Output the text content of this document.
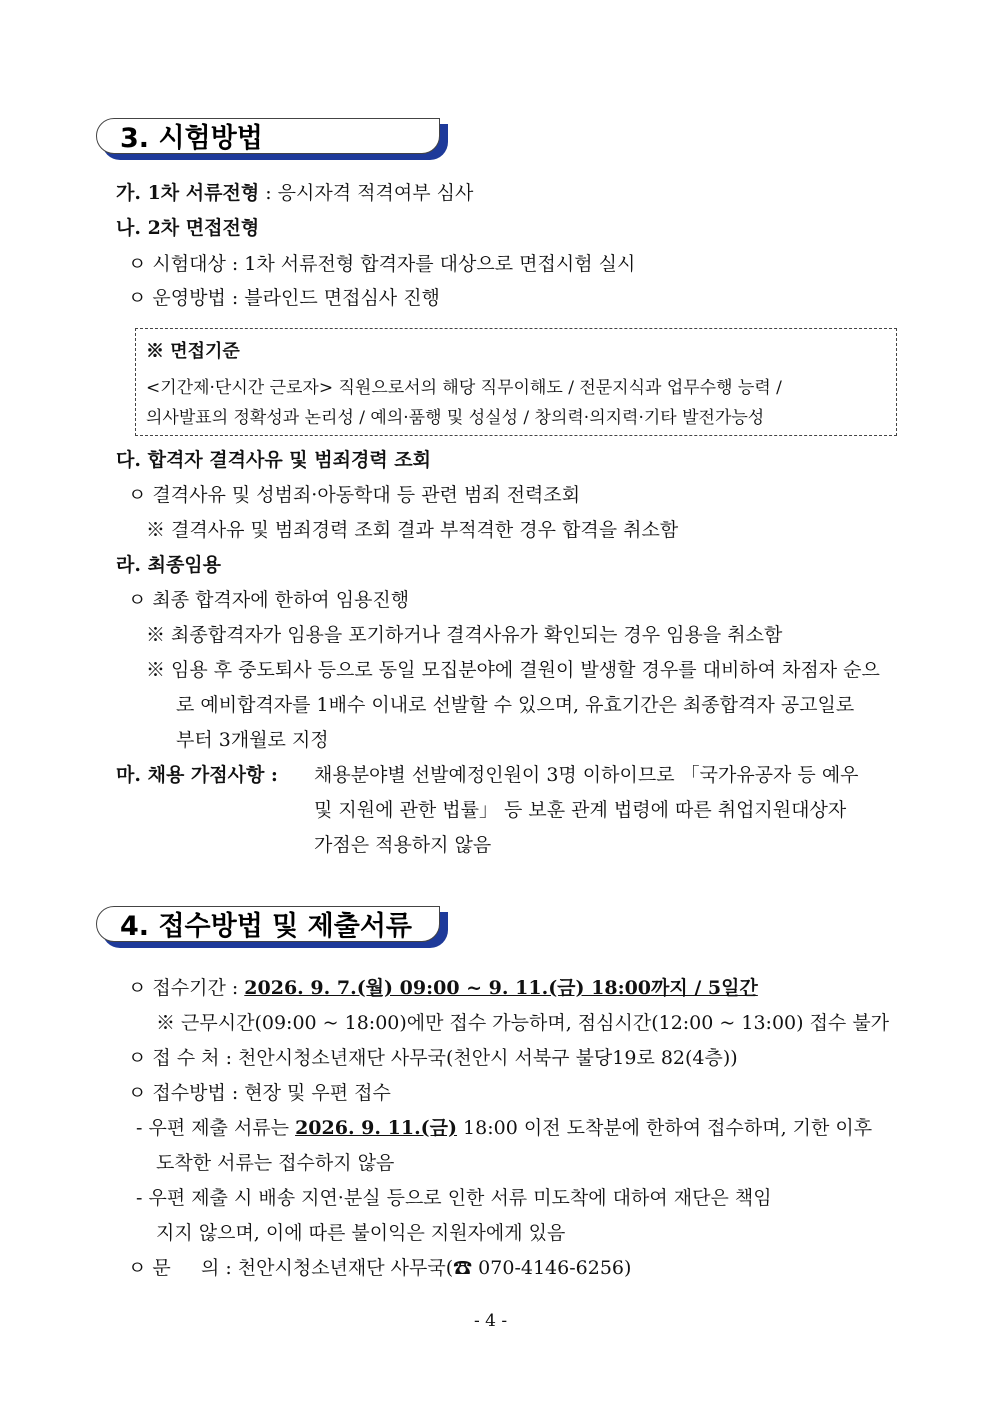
3. 시험방법
가. 1차 서류전형 : 응시자격 적격여부 심사
나. 2차 면접전형
ㅇ 시험대상 : 1차 서류전형 합격자를 대상으로 면접시험 실시
ㅇ 운영방법 : 블라인드 면접심사 진행
※ 면접기준
<기간제·단시간 근로자> 직원으로서의 해당 직무이해도 / 전문지식과 업무수행 능력 /
의사발표의 정확성과 논리성 / 예의·품행 및 성실성 / 창의력·의지력·기타 발전가능성
다. 합격자 결격사유 및 범죄경력 조회
ㅇ 결격사유 및 성범죄·아동학대 등 관련 범죄 전력조회
※ 결격사유 및 범죄경력 조회 결과 부적격한 경우 합격을 취소함
라. 최종임용
ㅇ 최종 합격자에 한하여 임용진행
※ 최종합격자가 임용을 포기하거나 결격사유가 확인되는 경우 임용을 취소함
※ 임용 후 중도퇴사 등으로 동일 모집분야에 결원이 발생할 경우를 대비하여 차점자 순으
로 예비합격자를 1배수 이내로 선발할 수 있으며, 유효기간은 최종합격자 공고일로
부터 3개월로 지정
마. 채용 가점사항 : 채용분야별 선발예정인원이 3명 이하이므로 「국가유공자 등 예우
및 지원에 관한 법률」 등 보훈 관계 법령에 따른 취업지원대상자
가점은 적용하지 않음
4. 접수방법 및 제출서류
ㅇ 접수기간 : 2026. 9. 7.(월) 09:00 ~ 9. 11.(금) 18:00까지 / 5일간
※ 근무시간(09:00 ~ 18:00)에만 접수 가능하며, 점심시간(12:00 ~ 13:00) 접수 불가
ㅇ 접 수 처 : 천안시청소년재단 사무국(천안시 서북구 불당19로 82(4층))
ㅇ 접수방법 : 현장 및 우편 접수
- 우편 제출 서류는 2026. 9. 11.(금) 18:00 이전 도착분에 한하여 접수하며, 기한 이후
도착한 서류는 접수하지 않음
- 우편 제출 시 배송 지연·분실 등으로 인한 서류 미도착에 대하여 재단은 책임
지지 않으며, 이에 따른 불이익은 지원자에게 있음
ㅇ 문     의 : 천안시청소년재단 사무국(☎ 070-4146-6256)
- 4 -
